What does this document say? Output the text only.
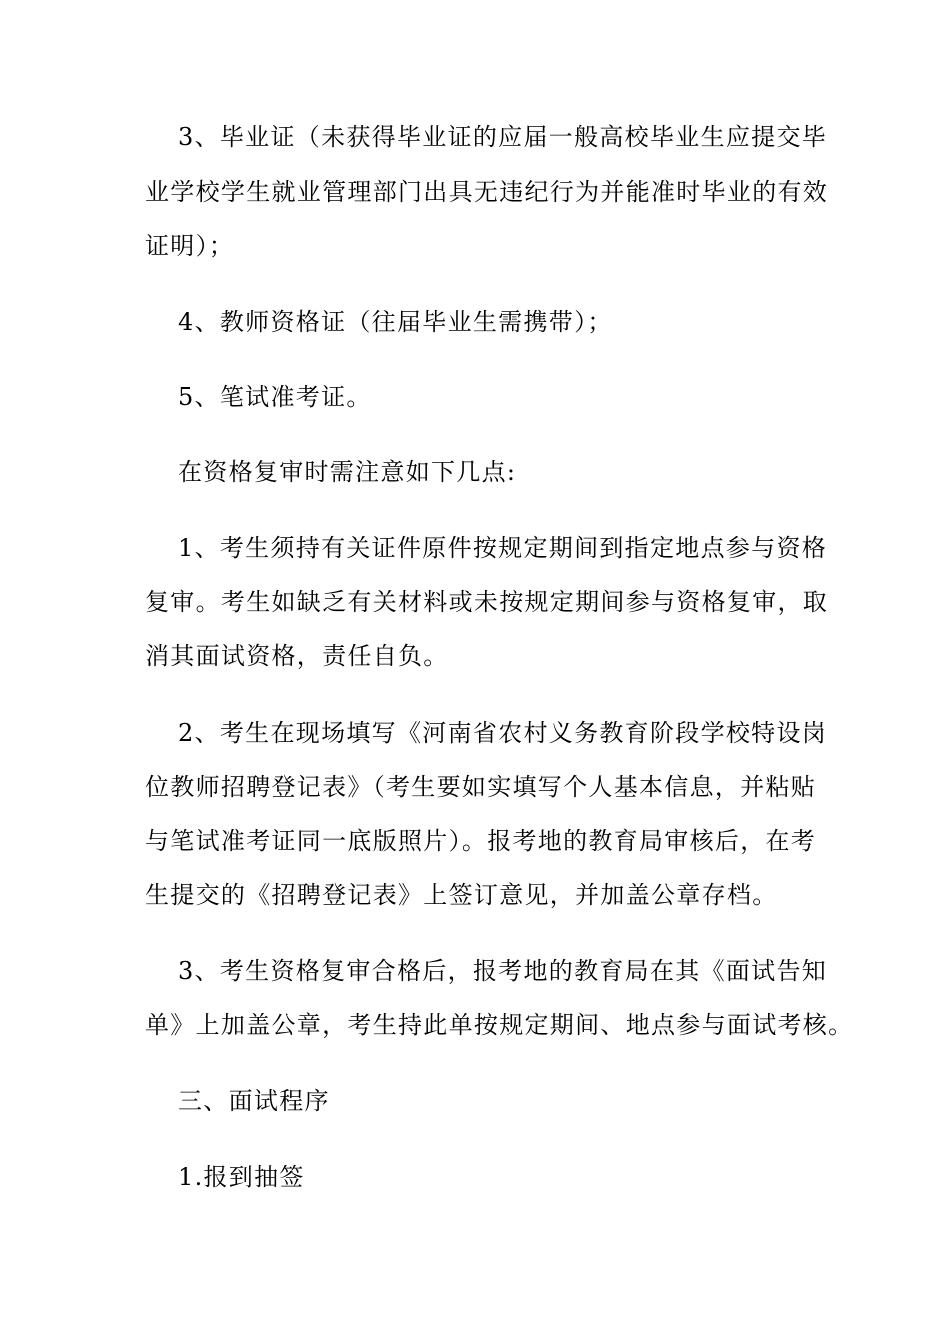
3、毕业证（未获得毕业证的应届一般高校毕业生应提交毕
业学校学生就业管理部门出具无违纪行为并能准时毕业的有效
证明）；
4、教师资格证（往届毕业生需携带）；
5、笔试准考证。
在资格复审时需注意如下几点:
1、考生须持有关证件原件按规定期间到指定地点参与资格
复审。考生如缺乏有关材料或未按规定期间参与资格复审，取
消其面试资格，责任自负。
2、考生在现场填写《河南省农村义务教育阶段学校特设岗
位教师招聘登记表》（考生要如实填写个人基本信息，并粘贴
与笔试准考证同一底版照片）。报考地的教育局审核后，在考
生提交的《招聘登记表》上签订意见，并加盖公章存档。
3、考生资格复审合格后，报考地的教育局在其《面试告知
单》上加盖公章，考生持此单按规定期间、地点参与面试考核。
三、面试程序
1.报到抽签
